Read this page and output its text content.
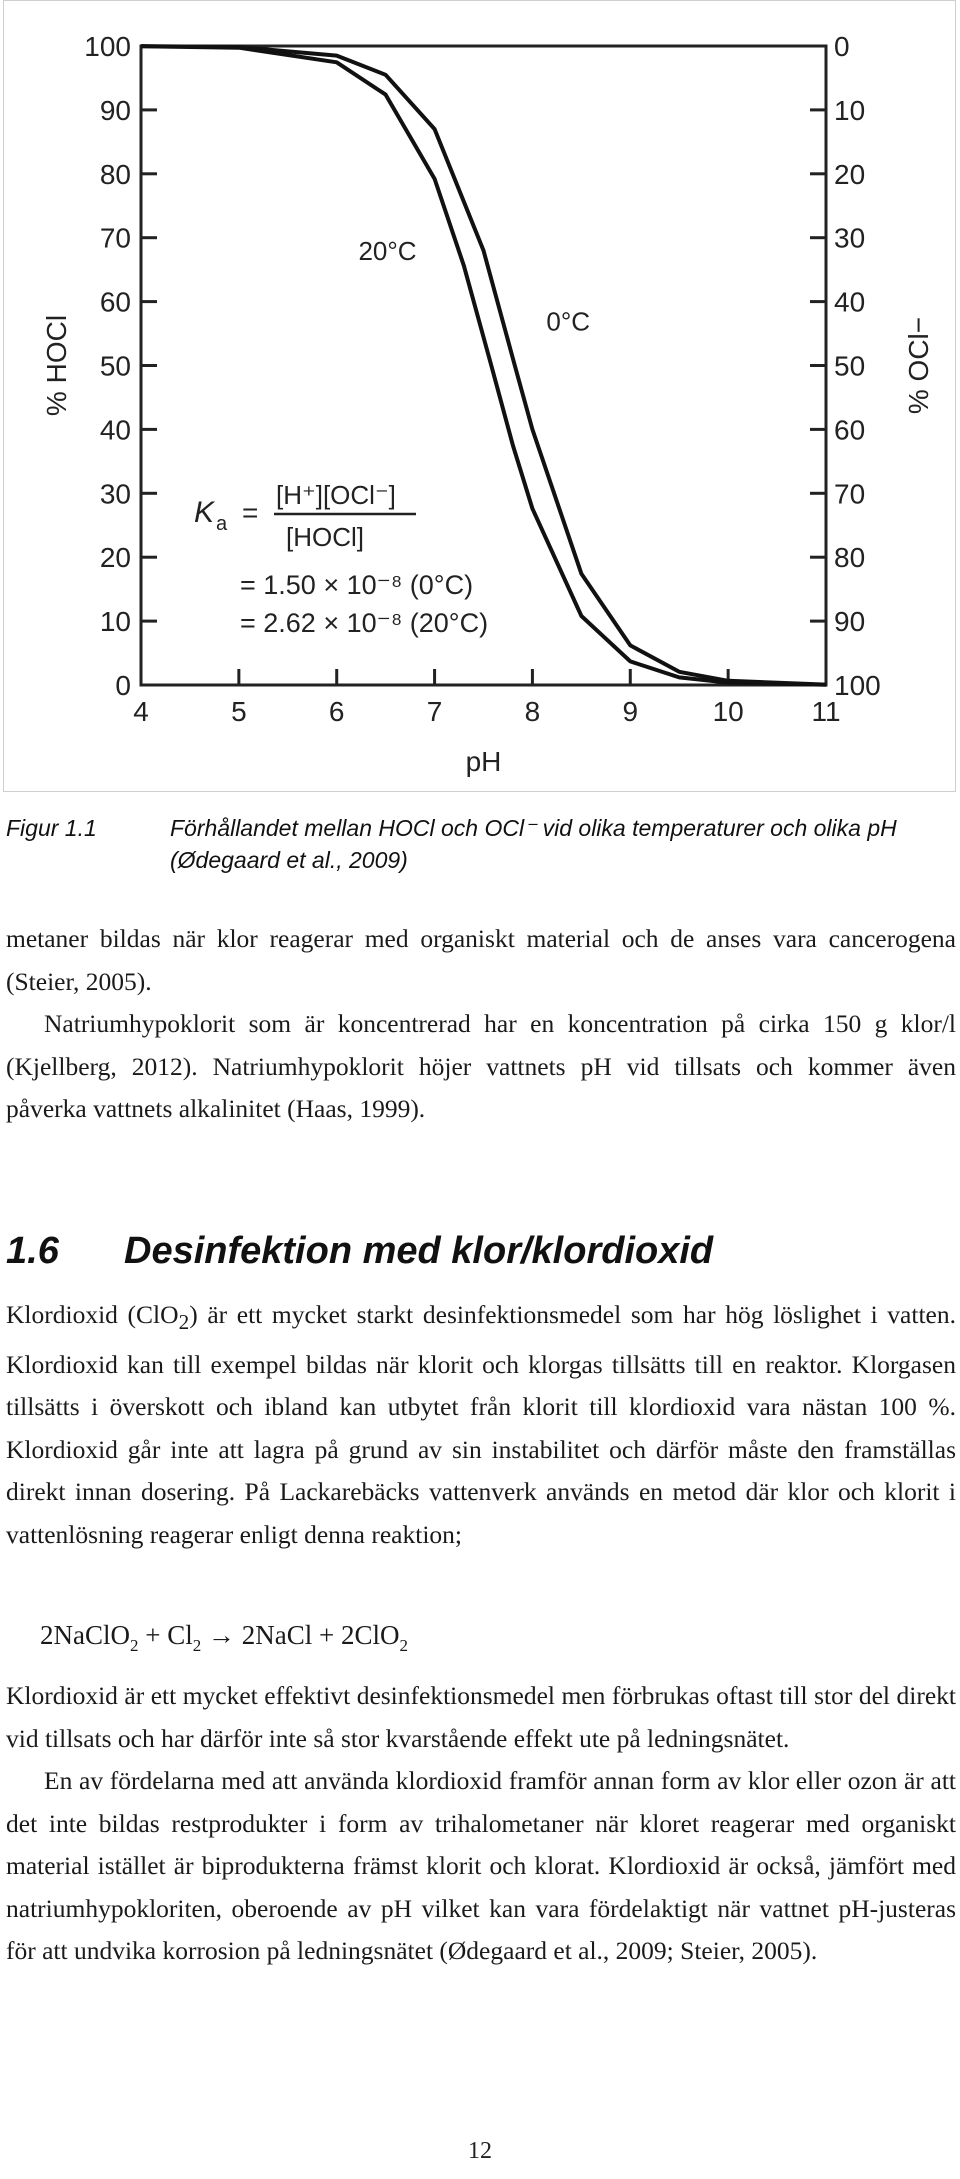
0
10
20
30
40
50
60
70
80
90
100
100
90
80
70
60
50
40
30
20
10
0
4	5	6	7	8	9	10 11
pH
% HOCl	% OCl−
20°C
0°C
K a =
[H⁺][OCl⁻]
[HOCl]
= 1.50 × 10⁻⁸ (0°C)
= 2.62 × 10⁻⁸ (20°C)
Figur 1.1	Förhållandet mellan HOCl och OCl⁻ vid olika temperaturer och olika pH (Ødegaard et al., 2009)

metaner bildas när klor reagerar med organiskt material och de anses vara cancerogena (Steier, 2005).

Natriumhypoklorit som är koncentrerad har en koncentration på cirka 150 g klor/l (Kjellberg, 2012). Natriumhypoklorit höjer vattnets pH vid tillsats och kommer även påverka vattnets alkalinitet (Haas, 1999).

1.6 Desinfektion med klor/klordioxid

Klordioxid (ClO$_2$) är ett mycket starkt desinfektionsmedel som har hög löslighet i vatten. Klordioxid kan till exempel bildas när klorit och klorgas tillsätts till en reaktor. Klorgasen tillsätts i överskott och ibland kan utbytet från klorit till klordioxid vara nästan 100 %. Klordioxid går inte att lagra på grund av sin instabilitet och därför måste den framställas direkt innan dosering. På Lackarebäcks vattenverk används en metod där klor och klorit i vattenlösning reagerar enligt denna reaktion;

2NaClO$_2$ + $Cl_2$ → 2NaCl + 2ClO$_2$

Klordioxid är ett mycket effektivt desinfektionsmedel men förbrukas oftast till stor del direkt vid tillsats och har därför inte så stor kvarstående effekt ute på ledningsnätet.

En av fördelarna med att använda klordioxid framför annan form av klor eller ozon är att det inte bildas restprodukter i form av trihalometaner när kloret reagerar med organiskt material istället är biprodukterna främst klorit och klorat. Klordioxid är också, jämfört med natriumhypokloriten, oberoende av pH vilket kan vara fördelaktigt när vattnet pH-justeras för att undvika korrosion på ledningsnätet (Ødegaard et al., 2009; Steier, 2005).

12
